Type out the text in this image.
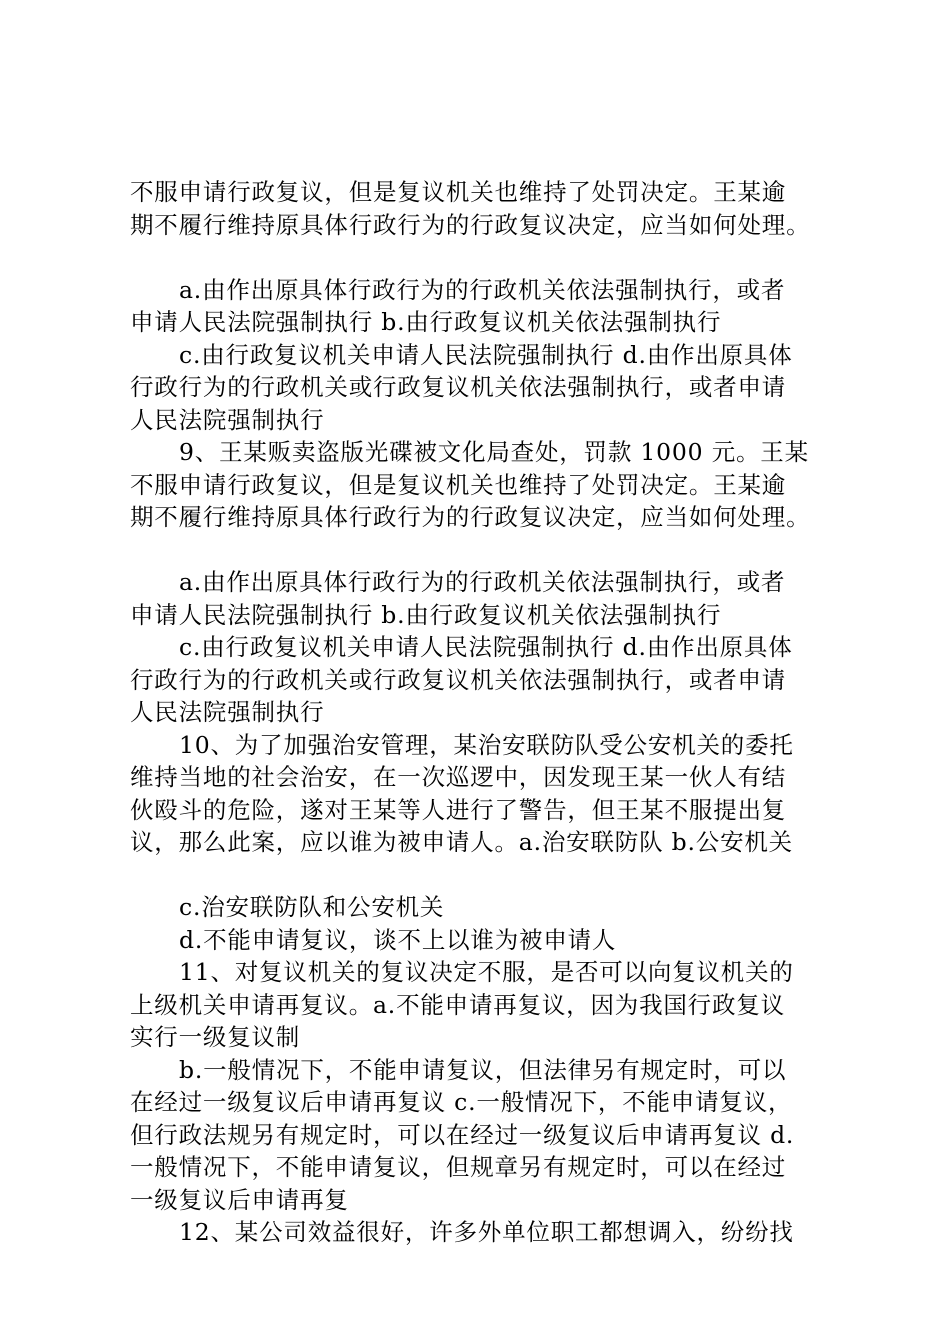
不服申请行政复议，但是复议机关也维持了处罚决定。王某逾
期不履行维持原具体行政行为的行政复议决定，应当如何处理。
a.由作出原具体行政行为的行政机关依法强制执行，或者
申请人民法院强制执行 b.由行政复议机关依法强制执行
c.由行政复议机关申请人民法院强制执行 d.由作出原具体
行政行为的行政机关或行政复议机关依法强制执行，或者申请
人民法院强制执行
9、王某贩卖盗版光碟被文化局查处，罚款 1000 元。王某
不服申请行政复议，但是复议机关也维持了处罚决定。王某逾
期不履行维持原具体行政行为的行政复议决定，应当如何处理。
a.由作出原具体行政行为的行政机关依法强制执行，或者
申请人民法院强制执行 b.由行政复议机关依法强制执行
c.由行政复议机关申请人民法院强制执行 d.由作出原具体
行政行为的行政机关或行政复议机关依法强制执行，或者申请
人民法院强制执行
10、为了加强治安管理，某治安联防队受公安机关的委托
维持当地的社会治安，在一次巡逻中，因发现王某一伙人有结
伙殴斗的危险，遂对王某等人进行了警告，但王某不服提出复
议，那么此案，应以谁为被申请人。a.治安联防队 b.公安机关
c.治安联防队和公安机关
d.不能申请复议，谈不上以谁为被申请人
11、对复议机关的复议决定不服，是否可以向复议机关的
上级机关申请再复议。a.不能申请再复议，因为我国行政复议
实行一级复议制
b.一般情况下，不能申请复议，但法律另有规定时，可以
在经过一级复议后申请再复议 c.一般情况下，不能申请复议，
但行政法规另有规定时，可以在经过一级复议后申请再复议 d.
一般情况下，不能申请复议，但规章另有规定时，可以在经过
一级复议后申请再复
12、某公司效益很好，许多外单位职工都想调入，纷纷找
